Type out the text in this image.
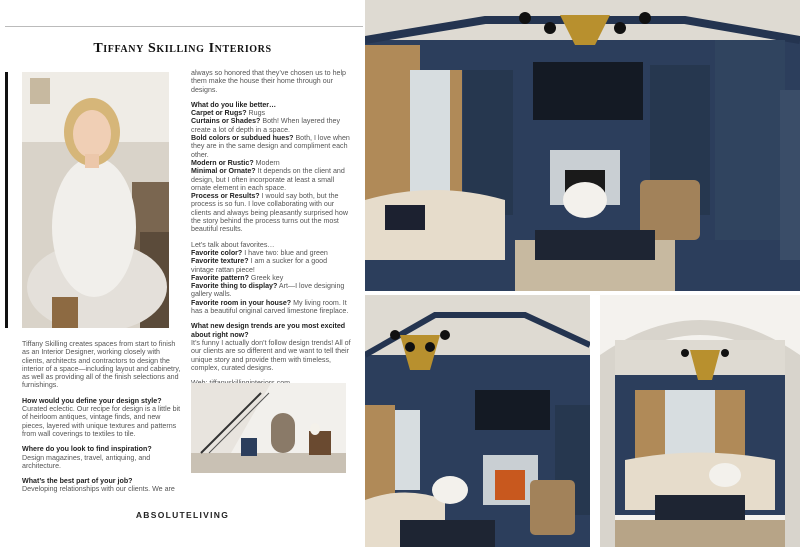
Tiffany Skilling Interiors

Tiffany Skilling creates spaces from start to finish as an Interior Designer, working closely with clients, architects and contractors to design the interior of a space—including layout and cabinetry, as well as providing all of the finish selections and furnishings.

How would you define your design style?
Curated eclectic. Our recipe for design is a little bit of heirloom antiques, vintage finds, and new pieces, layered with unique textures and patterns from wall coverings to textiles to tile.

Where do you look to find inspiration?
Design magazines, travel, antiquing, and architecture.

What’s the best part of your job?
Developing relationships with our clients. We are

always so honored that they’ve chosen us to help them make the house their home through our designs.

What do you like better…
Carpet or Rugs? Rugs
Curtains or Shades? Both! When layered they create a lot of depth in a space.
Bold colors or subdued hues? Both, I love when they are in the same design and compliment each other.
Modern or Rustic? Modern
Minimal or Ornate? It depends on the client and design, but I often incorporate at least a small ornate element in each space.
Process or Results? I would say both, but the process is so fun. I love collaborating with our clients and always being pleasantly surprised how the story behind the process turns out the most beautiful results.

Let’s talk about favorites…
Favorite color? I have two: blue and green
Favorite texture? I am a sucker for a good vintage rattan piece!
Favorite pattern? Greek key
Favorite thing to display? Art—I love designing gallery walls.
Favorite room in your house? My living room. It has a beautiful original carved limestone fireplace.

What new design trends are you most excited about right now?
It’s funny I actually don’t follow design trends! All of our clients are so different and we want to tell their unique story and provide them with timeless, complex, curated designs.

ABSOLUTELIVING
